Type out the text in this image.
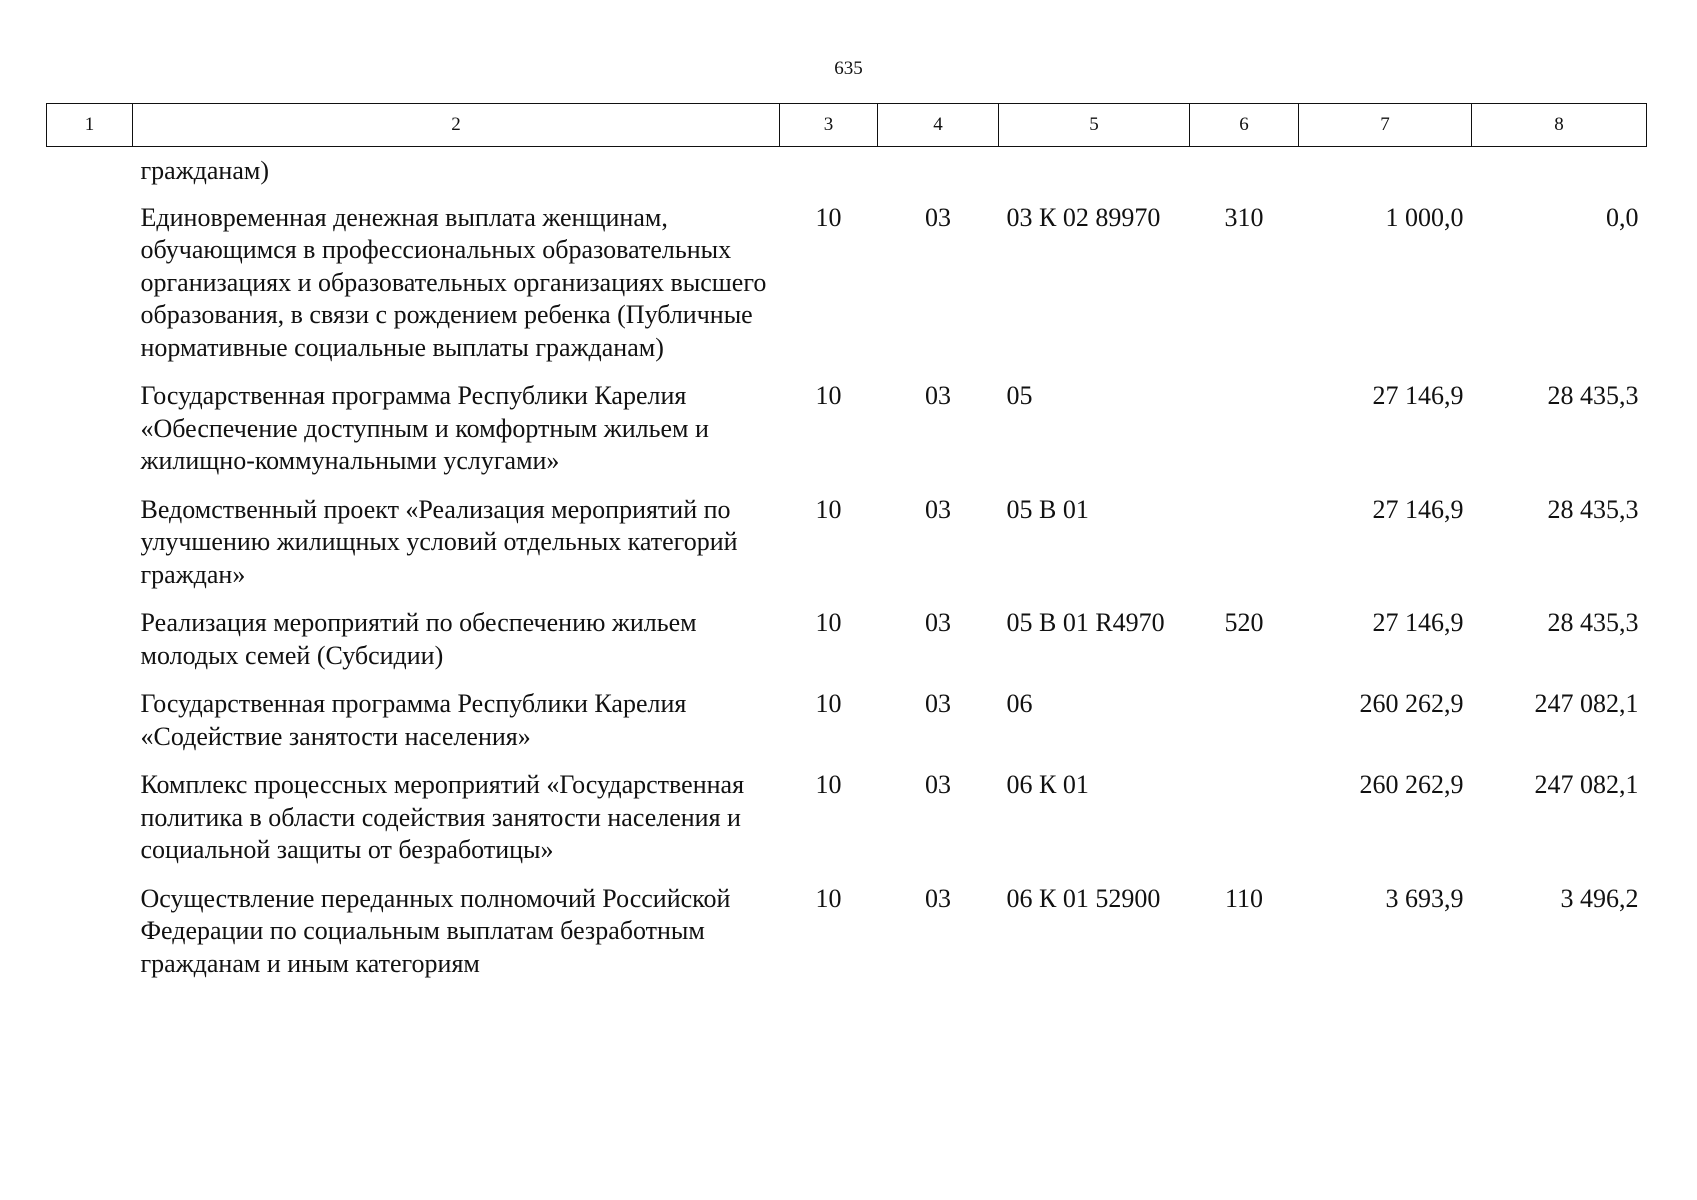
635
1	2	3	4	5	6	7	8
	гражданам)						
	Единовременная денежная выплата женщинам, обучающимся в профессиональных образовательных организациях и образовательных организациях высшего образования, в связи с рождением ребенка (Публичные нормативные социальные выплаты гражданам)	10	03	03 К 02 89970	310	1 000,0	0,0
	Государственная программа Республики Карелия «Обеспечение доступным и комфортным жильем и жилищно-коммунальными услугами»	10	03	05		27 146,9	28 435,3
	Ведомственный проект «Реализация мероприятий по улучшению жилищных условий отдельных категорий граждан»	10	03	05 В 01		27 146,9	28 435,3
	Реализация мероприятий по обеспечению жильем молодых семей (Субсидии)	10	03	05 В 01 R4970	520	27 146,9	28 435,3
	Государственная программа Республики Карелия «Содействие занятости населения»	10	03	06		260 262,9	247 082,1
	Комплекс процессных мероприятий «Государственная политика в области содействия занятости населения и социальной защиты от безработицы»	10	03	06 К 01		260 262,9	247 082,1
	Осуществление переданных полномочий Российской Федерации по социальным выплатам безработным гражданам и иным категориям	10	03	06 К 01 52900	110	3 693,9	3 496,2
